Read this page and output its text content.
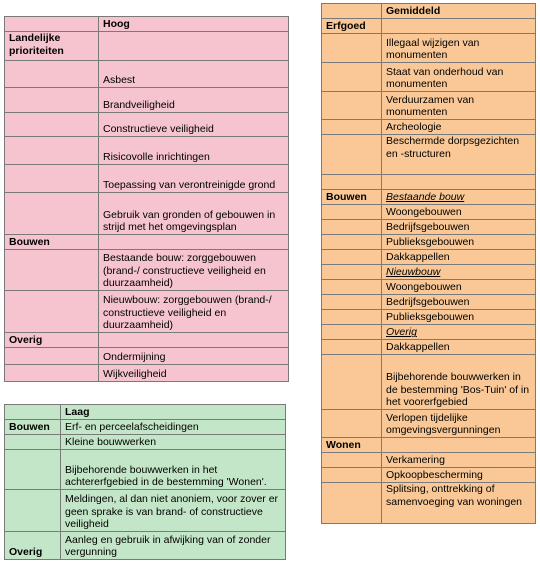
	Hoog
Landelijke prioriteiten	
	Asbest
	Brandveiligheid
	Constructieve veiligheid
	Risicovolle inrichtingen
	Toepassing van verontreinigde grond
	Gebruik van gronden of gebouwen in strijd met het omgevingsplan
Bouwen	
	Bestaande bouw: zorggebouwen (brand-/ constructieve veiligheid en duurzaamheid)
	Nieuwbouw: zorggebouwen (brand-/ constructieve veiligheid en duurzaamheid)
Overig	
	Ondermijning
	Wijkveiligheid
	Laag
Bouwen	Erf- en perceelafscheidingen
	Kleine bouwwerken
	Bijbehorende bouwwerken in het achtererfgebied in de bestemming 'Wonen'.
	Meldingen, al dan niet anoniem, voor zover er geen sprake is van brand- of constructieve veiligheid
Overig	Aanleg en gebruik in afwijking van of zonder vergunning
	Gemiddeld
Erfgoed	
	Illegaal wijzigen van monumenten
	Staat van onderhoud van monumenten
	Verduurzamen van monumenten
	Archeologie
	Beschermde dorpsgezichten en -structuren

Bouwen	Bestaande bouw
	Woongebouwen
	Bedrijfsgebouwen
	Publieksgebouwen
	Dakkappellen
	Nieuwbouw
	Woongebouwen
	Bedrijfsgebouwen
	Publieksgebouwen
	Overig
	Dakkappellen
	Bijbehorende bouwwerken in de bestemming 'Bos-Tuin' of in het voorerfgebied
	Verlopen tijdelijke omgevingsvergunningen
Wonen	
	Verkamering
	Opkoopbescherming
	Splitsing, onttrekking of samenvoeging van woningen
